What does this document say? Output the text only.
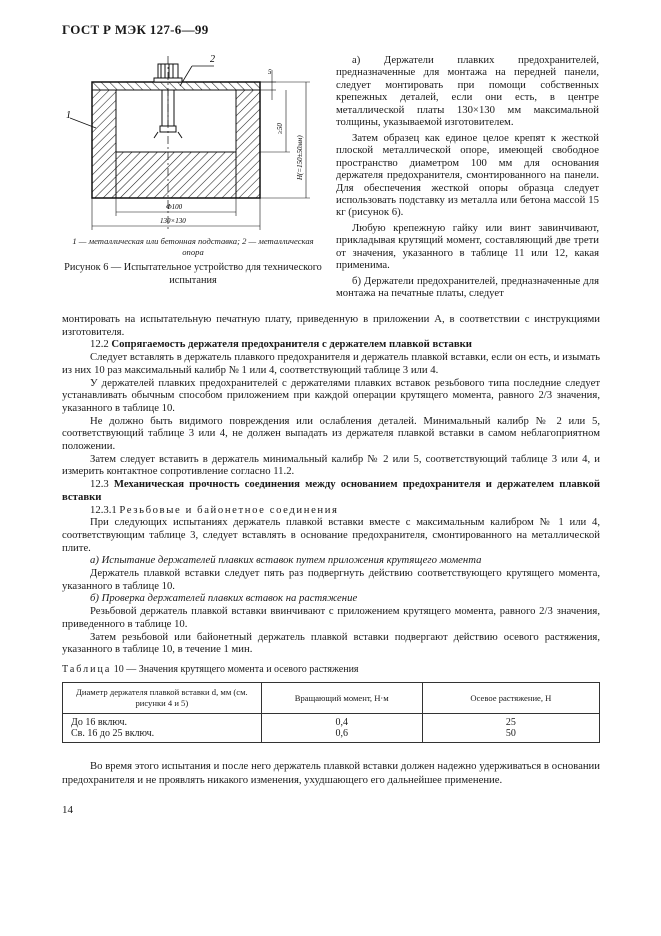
ГОСТ Р МЭК 127-6—99
1
2
5
≥50
H(=150±50мм)
Ф100
130×130
1 — металлическая или бетонная подставка; 2 — металлическая опора
Рисунок 6 — Испытательное устройство для технического испытания

а) Держатели плавких предохранителей, предназначенные для монтажа на передней панели, следует монтировать при помощи собственных крепежных деталей, если они есть, в центре металлической платы 130×130 мм максимальной толщины, указываемой изготовителем.

Затем образец как единое целое крепят к жесткой плоской металлической опоре, имеющей свободное пространство диаметром 100 мм для основания держателя предохранителя, смонтированного на панели. Для обеспечения жесткой опоры образца следует использовать подставку из металла или бетона массой 15 кг (рисунок 6).

Любую крепежную гайку или винт завинчивают, прикладывая крутящий момент, составляющий две трети от значения, указанного в таблице 11 или 12, какая применима.

б) Держатели предохранителей, предназначенные для монтажа на печатные платы, следует

монтировать на испытательную печатную плату, приведенную в приложении А, в соответствии с инструкциями изготовителя.

12.2 Сопрягаемость держателя предохранителя с держателем плавкой вставки

Следует вставлять в держатель плавкого предохранителя и держатель плавкой вставки, если он есть, и изымать из них 10 раз максимальный калибр № 1 или 4, соответствующий таблице 3 или 4.

У держателей плавких предохранителей с держателями плавких вставок резьбового типа последние следует устанавливать обычным способом приложением при каждой операции крутящего момента, равного 2/3 значения, указанного в таблице 10.

Не должно быть видимого повреждения или ослабления деталей. Минимальный калибр № 2 или 5, соответствующий таблице 3 или 4, не должен выпадать из держателя плавкой вставки в самом неблагоприятном положении.

Затем следует вставить в держатель минимальный калибр № 2 или 5, соответствующий таблице 3 или 4, и измерить контактное сопротивление согласно 11.2.

12.3 Механическая прочность соединения между основанием предохранителя и держателем плавкой вставки

12.3.1 Резьбовые и байонетное соединения

При следующих испытаниях держатель плавкой вставки вместе с максимальным калибром № 1 или 4, соответствующим таблице 3, следует вставлять в основание предохранителя, смонтированного на металлической плите.

а) Испытание держателей плавких вставок путем приложения крутящего момента

Держатель плавкой вставки следует пять раз подвергнуть действию соответствующего крутящего момента, указанного в таблице 10.

б) Проверка держателей плавких вставок на растяжение

Резьбовой держатель плавкой вставки ввинчивают с приложением крутящего момента, равного 2/3 значения, приведенного в таблице 10.

Затем резьбовой или байонетный держатель плавкой вставки подвергают действию осевого растяжения, указанного в таблице 10, в течение 1 мин.

Таблица 10 — Значения крутящего момента и осевого растяжения
Диаметр держателя плавкой вставки d, мм (см. рисунки 4 и 5)	Вращающий момент, Н·м	Осевое растяжение, Н
До 16 включ.	0,4	25
Св. 16 до 25 включ.	0,6	50

Во время этого испытания и после него держатель плавкой вставки должен надежно удерживаться в основании предохранителя и не проявлять никакого изменения, ухудшающего его дальнейшее применение.

14
